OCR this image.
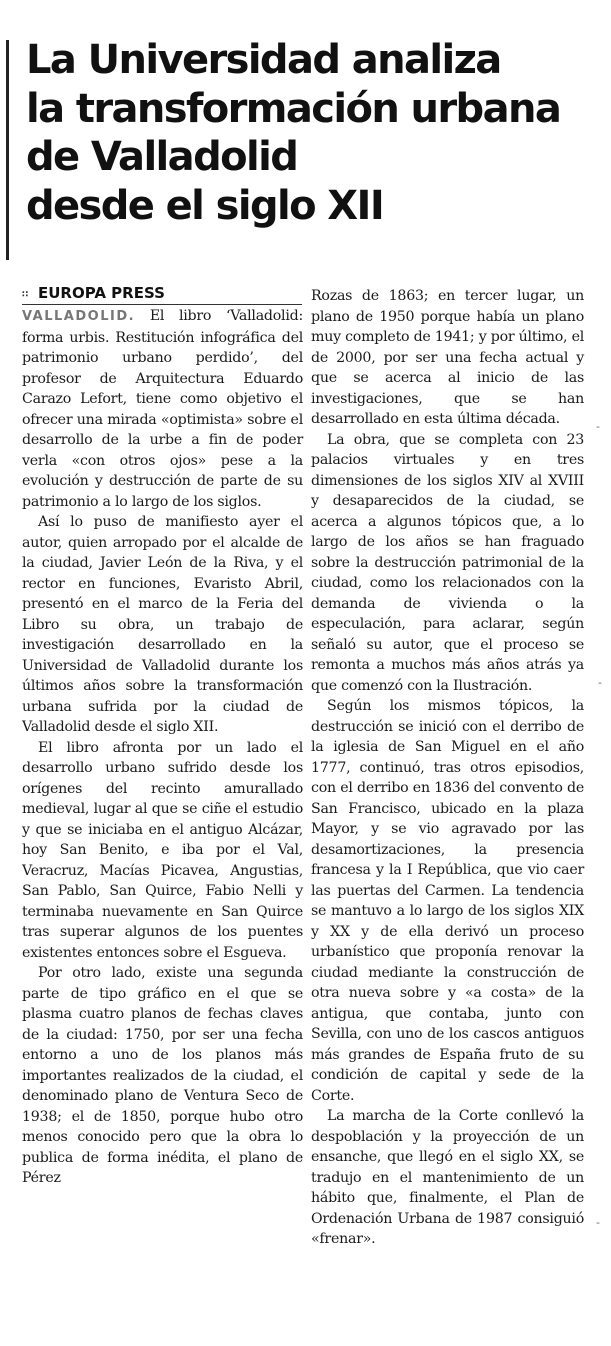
La Universidad analiza
la transformación urbana
de Valladolid
desde el siglo XII
∷ EUROPA PRESS

VALLADOLID. El libro ‘Valladolid: forma urbis. Restitución infográfica del patrimonio urbano perdido’, del profesor de Arquitectura Eduardo Carazo Lefort, tiene como objetivo el ofrecer una mirada «optimista» sobre el desarrollo de la urbe a fin de poder verla «con otros ojos» pese a la evolución y destrucción de parte de su patrimonio a lo largo de los siglos.

Así lo puso de manifiesto ayer el autor, quien arropado por el alcalde de la ciudad, Javier León de la Riva, y el rector en funciones, Evaristo Abril, presentó en el marco de la Feria del Libro su obra, un trabajo de investigación desarrollado en la Universidad de Valladolid durante los últimos años sobre la transformación urbana sufrida por la ciudad de Valladolid desde el siglo XII.

El libro afronta por un lado el desarrollo urbano sufrido desde los orígenes del recinto amurallado medieval, lugar al que se ciñe el estudio y que se iniciaba en el antiguo Alcázar, hoy San Benito, e iba por el Val, Veracruz, Macías Picavea, Angustias, San Pablo, San Quirce, Fabio Nelli y terminaba nuevamente en San Quirce tras superar algunos de los puentes existentes entonces sobre el Esgueva.

Por otro lado, existe una segunda parte de tipo gráfico en el que se plasma cuatro planos de fechas claves de la ciudad: 1750, por ser una fecha entorno a uno de los planos más importantes realizados de la ciudad, el denominado plano de Ventura Seco de 1938; el de 1850, porque hubo otro menos conocido pero que la obra lo publica de forma inédita, el plano de Pérez

Rozas de 1863; en tercer lugar, un plano de 1950 porque había un plano muy completo de 1941; y por último, el de 2000, por ser una fecha actual y que se acerca al inicio de las investigaciones, que se han desarrollado en esta última década.

La obra, que se completa con 23 palacios virtuales y en tres dimensiones de los siglos XIV al XVIII y desaparecidos de la ciudad, se acerca a algunos tópicos que, a lo largo de los años se han fraguado sobre la destrucción patrimonial de la ciudad, como los relacionados con la demanda de vivienda o la especulación, para aclarar, según señaló su autor, que el proceso se remonta a muchos más años atrás ya que comenzó con la Ilustración.

Según los mismos tópicos, la destrucción se inició con el derribo de la iglesia de San Miguel en el año 1777, continuó, tras otros episodios, con el derribo en 1836 del convento de San Francisco, ubicado en la plaza Mayor, y se vio agravado por las desamortizaciones, la presencia francesa y la I República, que vio caer las puertas del Carmen. La tendencia se mantuvo a lo largo de los siglos XIX y XX y de ella derivó un proceso urbanístico que proponía renovar la ciudad mediante la construcción de otra nueva sobre y «a costa» de la antigua, que contaba, junto con Sevilla, con uno de los cascos antiguos más grandes de España fruto de su condición de capital y sede de la Corte.

La marcha de la Corte conllevó la despoblación y la proyección de un ensanche, que llegó en el siglo XX, se tradujo en el mantenimiento de un hábito que, finalmente, el Plan de Ordenación Urbana de 1987 consiguió «frenar».

-
-
-
